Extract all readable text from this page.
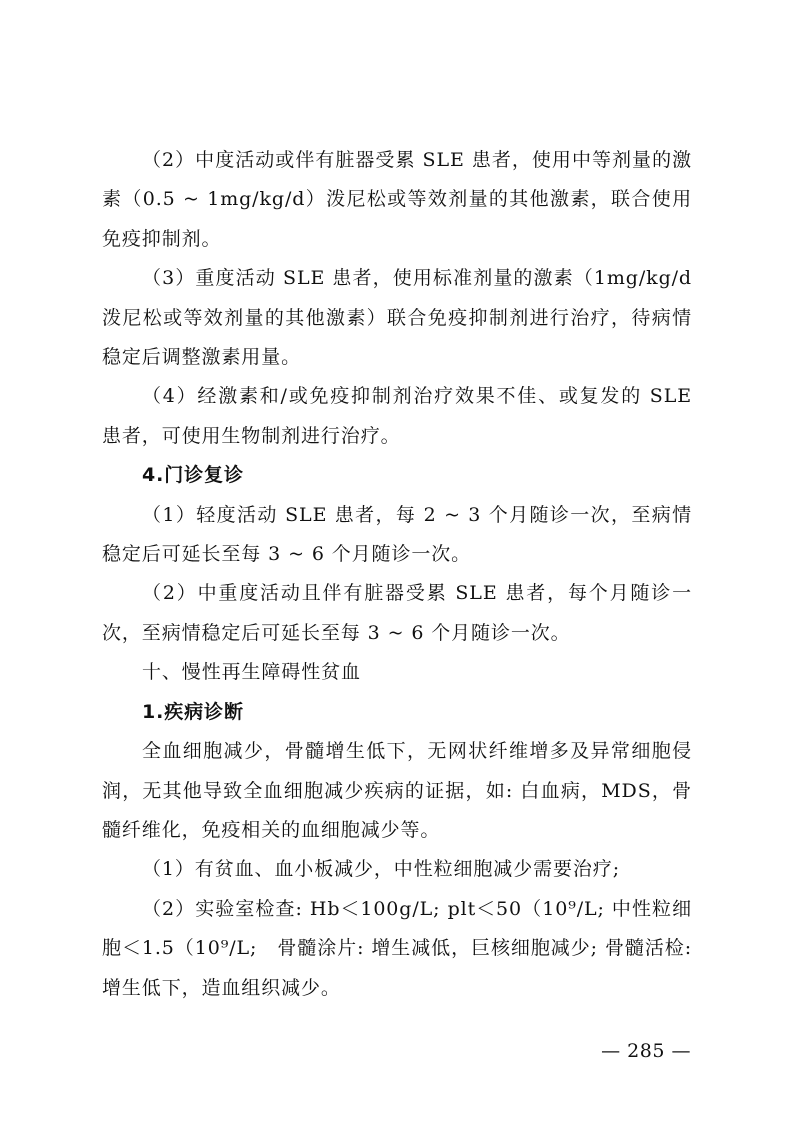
（2）中度活动或伴有脏器受累 SLE 患者，使用中等剂量的激素（0.5 ~ 1mg/kg/d）泼尼松或等效剂量的其他激素，联合使用免疫抑制剂。

（3）重度活动 SLE 患者，使用标准剂量的激素（1mg/kg/d 泼尼松或等效剂量的其他激素）联合免疫抑制剂进行治疗，待病情稳定后调整激素用量。

（4）经激素和/或免疫抑制剂治疗效果不佳、或复发的 SLE 患者，可使用生物制剂进行治疗。

4.门诊复诊

（1）轻度活动 SLE 患者，每 2 ~ 3 个月随诊一次，至病情稳定后可延长至每 3 ~ 6 个月随诊一次。

（2）中重度活动且伴有脏器受累 SLE 患者，每个月随诊一次，至病情稳定后可延长至每 3 ~ 6 个月随诊一次。

十、慢性再生障碍性贫血

1.疾病诊断

全血细胞减少，骨髓增生低下，无网状纤维增多及异常细胞侵润，无其他导致全血细胞减少疾病的证据，如: 白血病，MDS，骨髓纤维化，免疫相关的血细胞减少等。

（1）有贫血、血小板减少，中性粒细胞减少需要治疗;

（2）实验室检查: Hb＜100g/L; plt＜50（10⁹/L; 中性粒细胞＜1.5（10⁹/L;　骨髓涂片: 增生减低，巨核细胞减少; 骨髓活检: 增生低下，造血组织减少。

— 285 —
